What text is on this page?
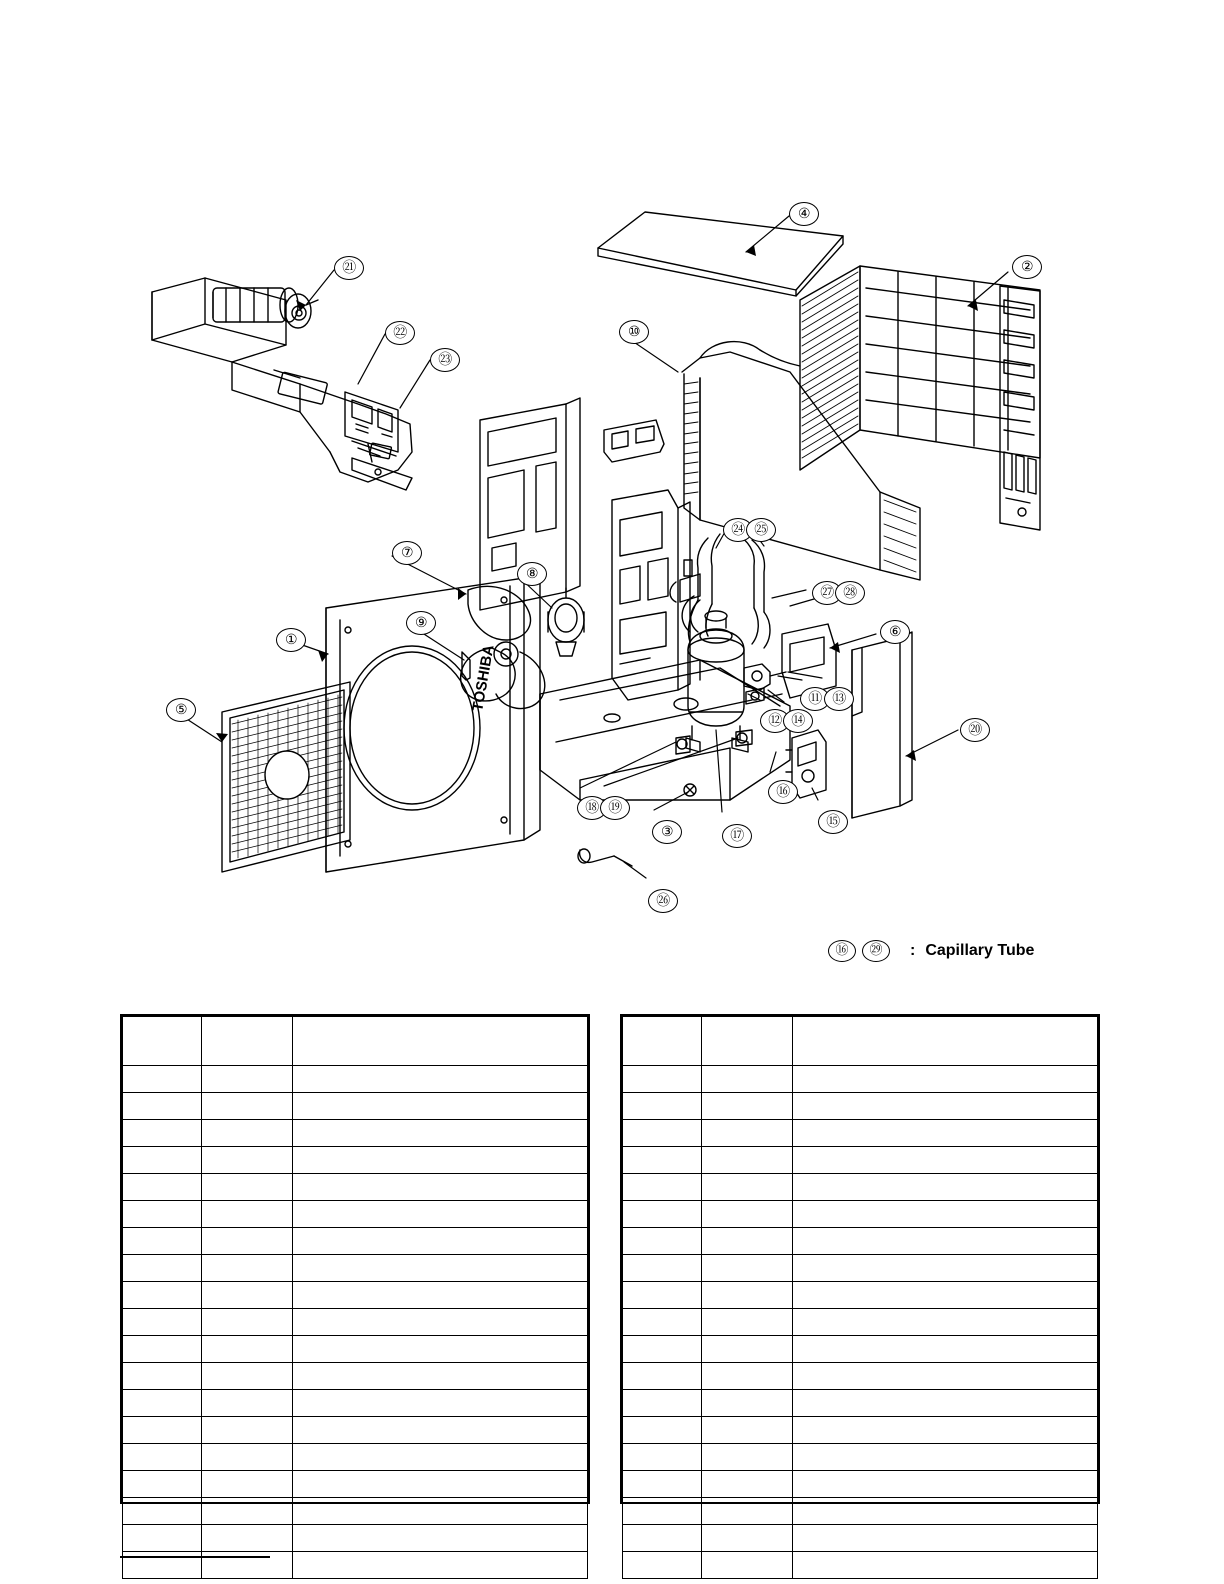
TOSHIBA
①
②
③
④
⑤
⑥
⑦
⑧
⑨
⑩
⑪
⑫
⑬
⑭
⑮
⑯
⑰
⑱ ⑲
⑳
㉑
㉒
㉓
㉔ ㉕
㉗ ㉘
㉖
⑯	㉙	: Capillary Tube
